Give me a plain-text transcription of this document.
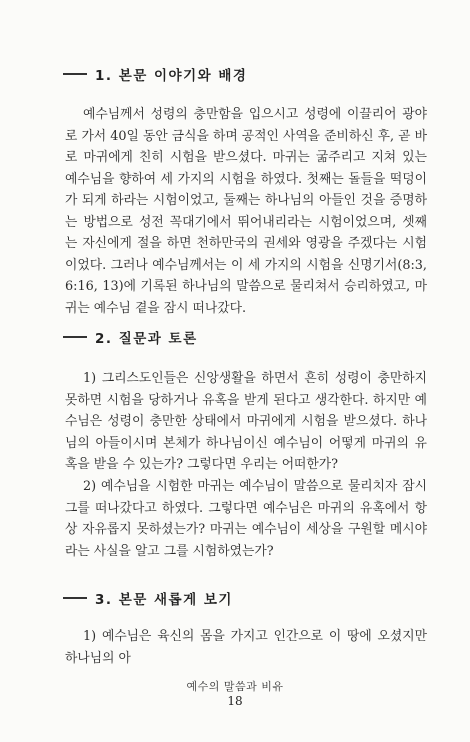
1. 본문 이야기와 배경

예수님께서 성령의 충만함을 입으시고 성령에 이끌리어 광야로 가서 40일 동안 금식을 하며 공적인 사역을 준비하신 후, 곧 바로 마귀에게 친히 시험을 받으셨다. 마귀는 굶주리고 지쳐 있는 예수님을 향하여 세 가지의 시험을 하였다. 첫째는 돌들을 떡덩이가 되게 하라는 시험이었고, 둘째는 하나님의 아들인 것을 증명하는 방법으로 성전 꼭대기에서 뛰어내리라는 시험이었으며, 셋째는 자신에게 절을 하면 천하만국의 권세와 영광을 주겠다는 시험이었다. 그러나 예수님께서는 이 세 가지의 시험을 신명기서(8:3, 6:16, 13)에 기록된 하나님의 말씀으로 물리쳐서 승리하였고, 마귀는 예수님 곁을 잠시 떠나갔다.

2. 질문과 토론

1) 그리스도인들은 신앙생활을 하면서 흔히 성령이 충만하지 못하면 시험을 당하거나 유혹을 받게 된다고 생각한다. 하지만 예수님은 성령이 충만한 상태에서 마귀에게 시험을 받으셨다. 하나님의 아들이시며 본체가 하나님이신 예수님이 어떻게 마귀의 유혹을 받을 수 있는가? 그렇다면 우리는 어떠한가?

2) 예수님을 시험한 마귀는 예수님이 말씀으로 물리치자 잠시 그를 떠나갔다고 하였다. 그렇다면 예수님은 마귀의 유혹에서 항상 자유롭지 못하셨는가? 마귀는 예수님이 세상을 구원할 메시야라는 사실을 알고 그를 시험하였는가?

3. 본문 새롭게 보기

1) 예수님은 육신의 몸을 가지고 인간으로 이 땅에 오셨지만 하나님의 아

예수의 말씀과 비유
18
